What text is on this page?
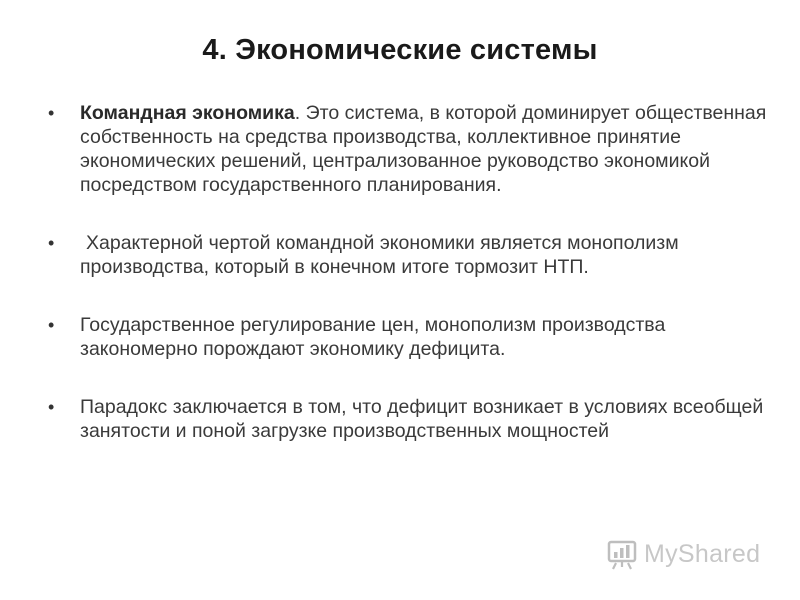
4. Экономические системы
• Командная экономика. Это система, в которой доминирует общественная собственность на средства производства, коллективное принятие экономических решений, централизованное руководство экономикой посредством государственного планирования.
• Характерной чертой командной экономики является монополизм производства, который в конечном итоге тормозит НТП.
• Государственное регулирование цен, монополизм производства закономерно порождают экономику дефицита.
• Парадокс заключается в том, что дефицит возникает в условиях всеобщей занятости и поной загрузке производственных мощностей
MyShared
